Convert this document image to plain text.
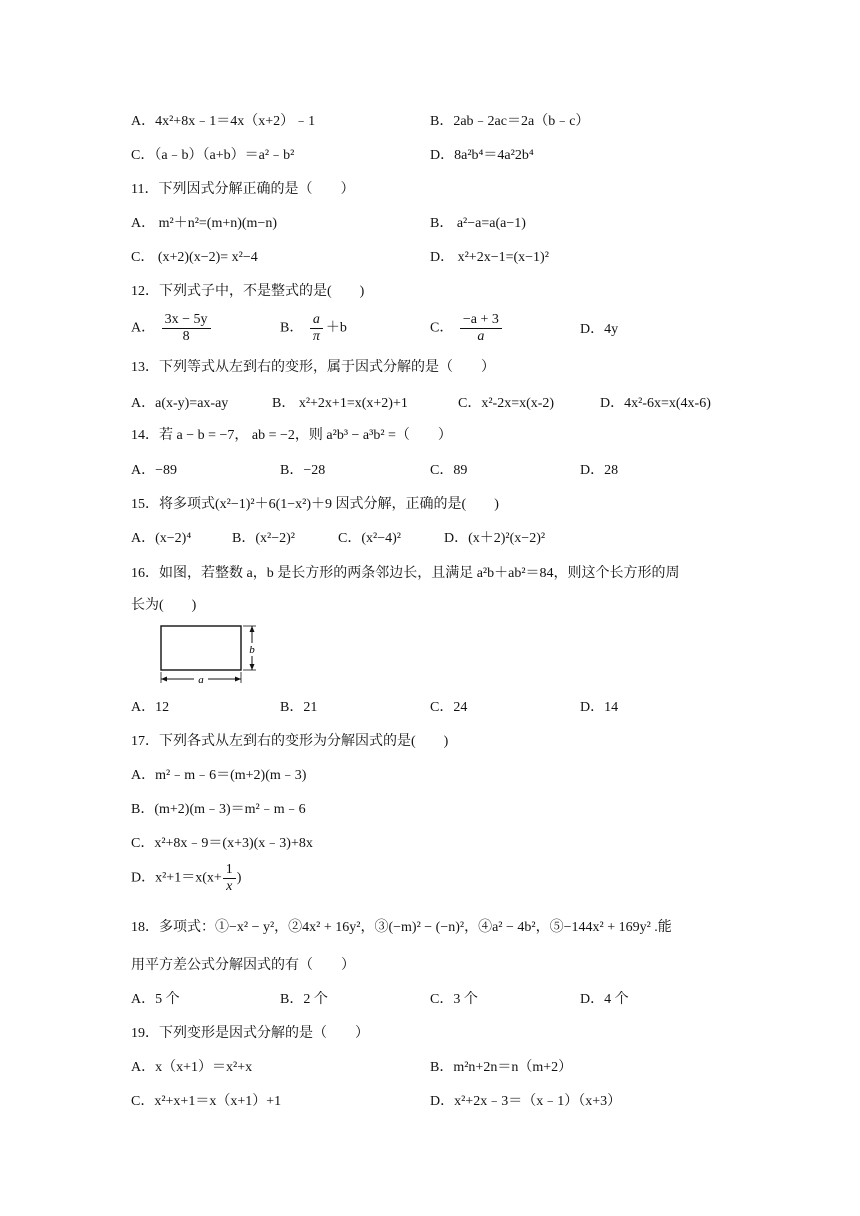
A．4x²+8x﹣1＝4x（x+2）﹣1	B．2ab﹣2ac＝2a（b﹣c）
C．（a﹣b）（a+b）＝a²﹣b²	D．8a²b⁴＝4a²2b⁴
11．下列因式分解正确的是（　　）
A． m²＋n²=(m+n)(m−n)	B． a²−a=a(a−1)
C． (x+2)(x−2)= x²−4	D． x²+2x−1=(x−1)²
12．下列式子中，不是整式的是(　　)
A． $\frac{3x - 5y}{8}$	B． $\frac{a}{\pi} +b$	C． $\frac{-a + 3}{a}$	D．4y
13．下列等式从左到右的变形，属于因式分解的是（　　）
A．a(x-y)=ax-ay	B． x²+2x+1=x(x+2)+1	C．x²-2x=x(x-2)	D．4x²-6x=x(4x-6)
14．若 a − b = −7， ab = −2，则 a²b³ − a³b² =（　　）
A．−89	B．−28	C．89	D．28
15．将多项式(x²−1)²＋6(1−x²)＋9 因式分解，正确的是(　　)
A．(x−2)⁴	B．(x²−2)²	C．(x²−4)²	D．(x＋2)²(x−2)²
16．如图，若整数 a，b 是长方形的两条邻边长，且满足 a²b＋ab²＝84，则这个长方形的周
长为(　　)
b
a
A．12	B．21	C．24	D．14
17．下列各式从左到右的变形为分解因式的是(　　)
A．m²﹣m﹣6＝(m+2)(m﹣3)
B．(m+2)(m﹣3)＝m²﹣m﹣6
C．x²+8x﹣9＝(x+3)(x﹣3)+8x
D．$x^2+1=x(x+ \frac{1}{x}$ )
18．多项式：①−x² − y²，②4x² + 16y²，③(−m)² − (−n)²，④a² − 4b²，⑤−144x² + 169y² .能
用平方差公式分解因式的有（　　）
A．5 个	B．2 个	C．3 个	D．4 个
19．下列变形是因式分解的是（　　）
A．x（x+1）＝x²+x	B．m²n+2n＝n（m+2）
C．x²+x+1＝x（x+1）+1	D．x²+2x﹣3＝（x﹣1）（x+3）
